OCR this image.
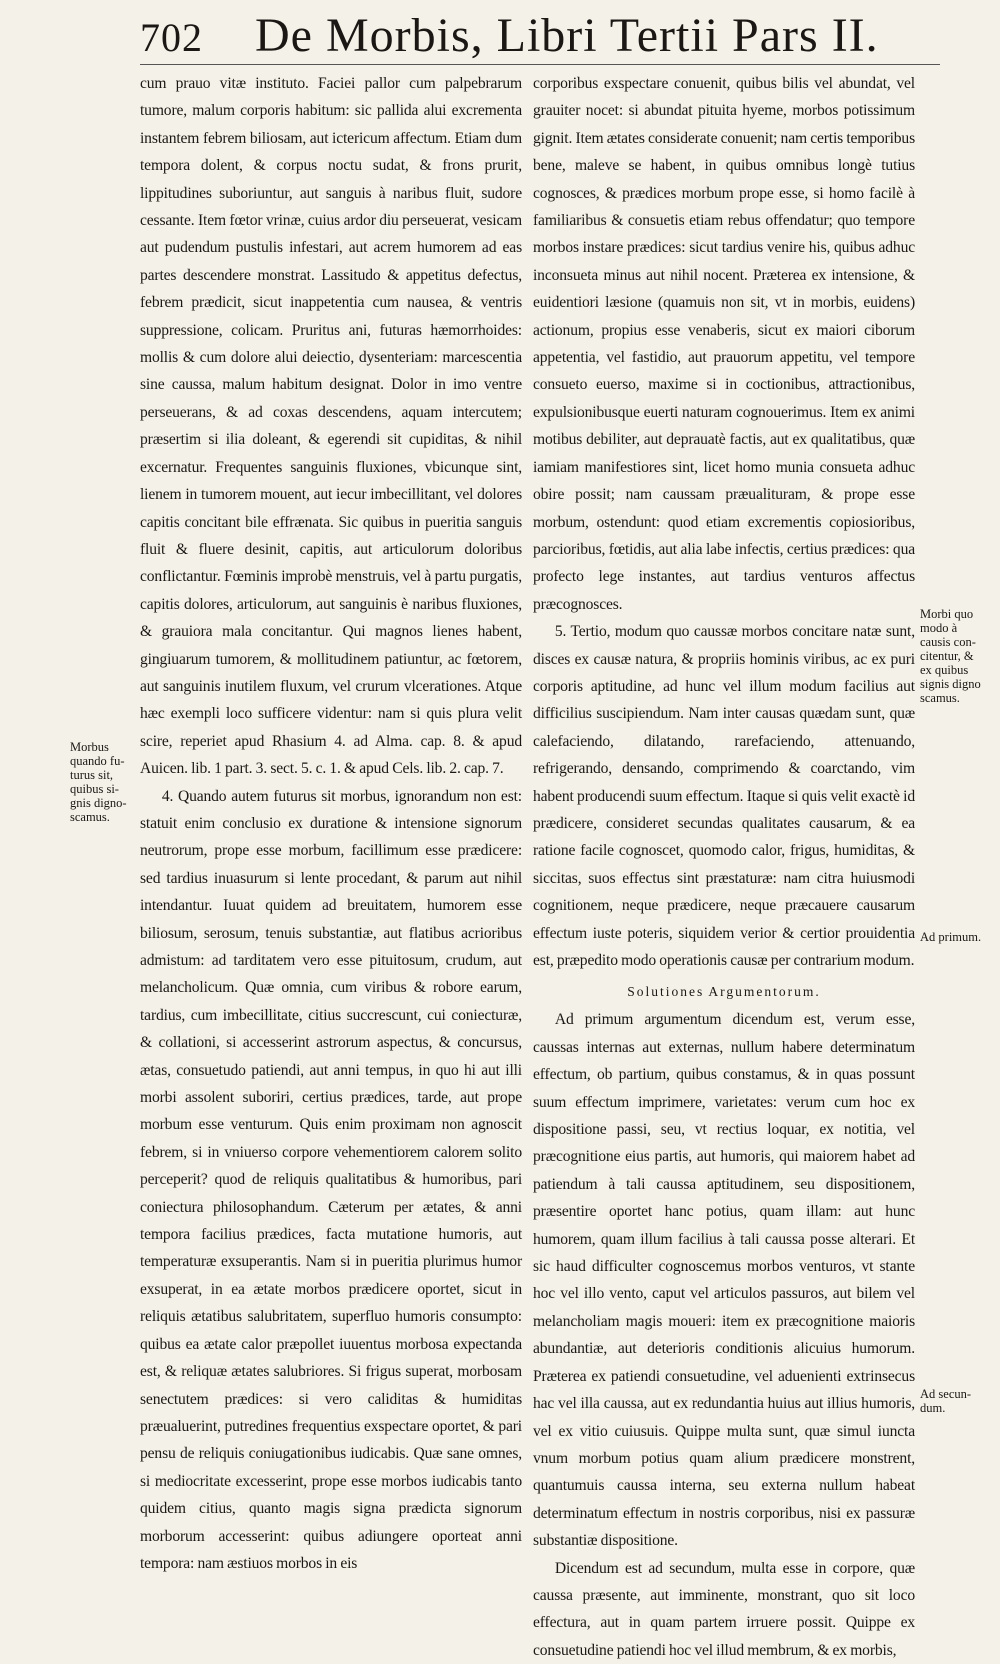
702 De Morbis, Libri Tertii Pars II.

cum prauo vitæ instituto. Faciei pallor cum palpebrarum tumore, malum corporis habitum: sic pallida alui excrementa instantem febrem biliosam, aut ictericum affectum. Etiam dum tempora dolent, & corpus noctu sudat, & frons prurit, lippitudines suboriuntur, aut sanguis à naribus fluit, sudore cessante. Item fœtor vrinæ, cuius ardor diu perseuerat, vesicam aut pudendum pustulis infestari, aut acrem humorem ad eas partes descendere monstrat. Lassitudo & appetitus defectus, febrem prædicit, sicut inappetentia cum nausea, & ventris suppressione, colicam. Pruritus ani, futuras hæmorrhoides: mollis & cum dolore alui deiectio, dysenteriam: marcescentia sine caussa, malum habitum designat. Dolor in imo ventre perseuerans, & ad coxas descendens, aquam intercutem; præsertim si ilia doleant, & egerendi sit cupiditas, & nihil excernatur. Frequentes sanguinis fluxiones, vbicunque sint, lienem in tumorem mouent, aut iecur imbecillitant, vel dolores capitis concitant bile effrænata. Sic quibus in pueritia sanguis fluit & fluere desinit, capitis, aut articulorum doloribus conflictantur. Fœminis improbè menstruis, vel à partu purgatis, capitis dolores, articulorum, aut sanguinis è naribus fluxiones, & grauiora mala concitantur. Qui magnos lienes habent, gingiuarum tumorem, & mollitudinem patiuntur, ac fœtorem, aut sanguinis inutilem fluxum, vel crurum vlcerationes. Atque hæc exempli loco sufficere videntur: nam si quis plura velit scire, reperiet apud Rhasium 4. ad Alma. cap. 8. & apud Auicen. lib. 1 part. 3. sect. 5. c. 1. & apud Cels. lib. 2. cap. 7.

4. Quando autem futurus sit morbus, ignorandum non est: statuit enim conclusio ex duratione & intensione signorum neutrorum, prope esse morbum, facillimum esse prædicere: sed tardius inuasurum si lente procedant, & parum aut nihil intendantur. Iuuat quidem ad breuitatem, humorem esse biliosum, serosum, tenuis substantiæ, aut flatibus acrioribus admistum: ad tarditatem vero esse pituitosum, crudum, aut melancholicum. Quæ omnia, cum viribus & robore earum, tardius, cum imbecillitate, citius succrescunt, cui coniecturæ, & collationi, si accesserint astrorum aspectus, & concursus, ætas, consuetudo patiendi, aut anni tempus, in quo hi aut illi morbi assolent suboriri, certius prædices, tarde, aut prope morbum esse venturum. Quis enim proximam non agnoscit febrem, si in vniuerso corpore vehementiorem calorem solito perceperit? quod de reliquis qualitatibus & humoribus, pari coniectura philosophandum. Cæterum per ætates, & anni tempora facilius prædices, facta mutatione humoris, aut temperaturæ exsuperantis. Nam si in pueritia plurimus humor exsuperat, in ea ætate morbos prædicere oportet, sicut in reliquis ætatibus salubritatem, superfluo humoris consumpto: quibus ea ætate calor præpollet iuuentus morbosa expectanda est, & reliquæ ætates salubriores. Si frigus superat, morbosam senectutem prædices: si vero caliditas & humiditas præualuerint, putredines frequentius exspectare oportet, & pari pensu de reliquis coniugationibus iudicabis. Quæ sane omnes, si mediocritate excesserint, prope esse morbos iudicabis tanto quidem citius, quanto magis signa prædicta signorum morborum accesserint: quibus adiungere oporteat anni tempora: nam æstiuos morbos in eis

corporibus exspectare conuenit, quibus bilis vel abundat, vel grauiter nocet: si abundat pituita hyeme, morbos potissimum gignit. Item ætates considerate conuenit; nam certis temporibus bene, maleve se habent, in quibus omnibus longè tutius cognosces, & prædices morbum prope esse, si homo facilè à familiaribus & consuetis etiam rebus offendatur; quo tempore morbos instare prædices: sicut tardius venire his, quibus adhuc inconsueta minus aut nihil nocent. Præterea ex intensione, & euidentiori læsione (quamuis non sit, vt in morbis, euidens) actionum, propius esse venaberis, sicut ex maiori ciborum appetentia, vel fastidio, aut prauorum appetitu, vel tempore consueto euerso, maxime si in coctionibus, attractionibus, expulsionibusque euerti naturam cognouerimus. Item ex animi motibus debiliter, aut deprauatè factis, aut ex qualitatibus, quæ iamiam manifestiores sint, licet homo munia consueta adhuc obire possit; nam caussam præualituram, & prope esse morbum, ostendunt: quod etiam excrementis copiosioribus, parcioribus, fœtidis, aut alia labe infectis, certius prædices: qua profecto lege instantes, aut tardius venturos affectus præcognosces.

5. Tertio, modum quo caussæ morbos concitare natæ sunt, disces ex causæ natura, & propriis hominis viribus, ac ex puri corporis aptitudine, ad hunc vel illum modum facilius aut difficilius suscipiendum. Nam inter causas quædam sunt, quæ calefaciendo, dilatando, rarefaciendo, attenuando, refrigerando, densando, comprimendo & coarctando, vim habent producendi suum effectum. Itaque si quis velit exactè id prædicere, consideret secundas qualitates causarum, & ea ratione facile cognoscet, quomodo calor, frigus, humiditas, & siccitas, suos effectus sint præstaturæ: nam citra huiusmodi cognitionem, neque prædicere, neque præcauere causarum effectum iuste poteris, siquidem verior & certior prouidentia est, præpedito modo operationis causæ per contrarium modum.

Solutiones Argumentorum.

Ad primum argumentum dicendum est, verum esse, caussas internas aut externas, nullum habere determinatum effectum, ob partium, quibus constamus, & in quas possunt suum effectum imprimere, varietates: verum cum hoc ex dispositione passi, seu, vt rectius loquar, ex notitia, vel præcognitione eius partis, aut humoris, qui maiorem habet ad patiendum à tali caussa aptitudinem, seu dispositionem, præsentire oportet hanc potius, quam illam: aut hunc humorem, quam illum facilius à tali caussa posse alterari. Et sic haud difficulter cognoscemus morbos venturos, vt stante hoc vel illo vento, caput vel articulos passuros, aut bilem vel melancholiam magis moueri: item ex præcognitione maioris abundantiæ, aut deterioris conditionis alicuius humorum. Præterea ex patiendi consuetudine, vel aduenienti extrinsecus hac vel illa caussa, aut ex redundantia huius aut illius humoris, vel ex vitio cuiusuis. Quippe multa sunt, quæ simul iuncta vnum morbum potius quam alium prædicere monstrent, quantumuis caussa interna, seu externa nullum habeat determinatum effectum in nostris corporibus, nisi ex passuræ substantiæ dispositione.

Dicendum est ad secundum, multa esse in corpore, quæ caussa præsente, aut imminente, monstrant, quo sit loco effectura, aut in quam partem irruere possit. Quippe ex consuetudine patiendi hoc vel illud membrum, & ex morbis,

Morbus
quando fu-
turus sit,
quibus si-
gnis digno-
scamus.
Morbi quo
modo à
causis con-
citentur, &
ex quibus
signis digno
scamus.
Ad primum.
Ad secun-
dum.
